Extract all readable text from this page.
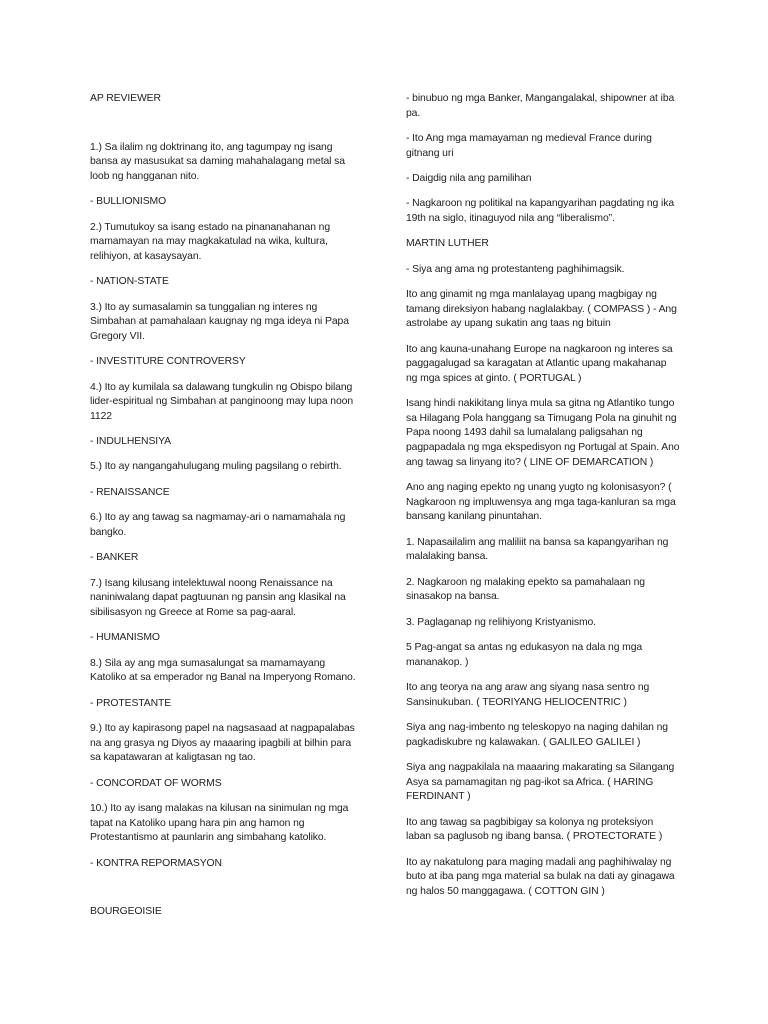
AP REVIEWER

1.) Sa ilalim ng doktrinang ito, ang tagumpay ng isang bansa ay masusukat sa daming mahahalagang metal sa loob ng hangganan nito.

- BULLIONISMO

2.) Tumutukoy sa isang estado na pinananahanan ng mamamayan na may magkakatulad na wika, kultura, relihiyon, at kasaysayan.

- NATION-STATE

3.) Ito ay sumasalamin sa tunggalian ng interes ng Simbahan at pamahalaan kaugnay ng mga ideya ni Papa Gregory VII.

- INVESTITURE CONTROVERSY

4.) Ito ay kumilala sa dalawang tungkulin ng Obispo bilang lider-espiritual ng Simbahan at panginoong may lupa noon 1122

- INDULHENSIYA

5.) Ito ay nangangahulugang muling pagsilang o rebirth.

- RENAISSANCE

6.) Ito ay ang tawag sa nagmamay-ari o namamahala ng bangko.

- BANKER

7.) Isang kilusang intelektuwal noong Renaissance na naniniwalang dapat pagtuunan ng pansin ang klasikal na sibilisasyon ng Greece at Rome sa pag-aaral.

- HUMANISMO

8.) Sila ay ang mga sumasalungat sa mamamayang Katoliko at sa emperador ng Banal na Imperyong Romano.

- PROTESTANTE

9.) Ito ay kapirasong papel na nagsasaad at nagpapalabas na ang grasya ng Diyos ay maaaring ipagbili at bilhin para sa kapatawaran at kaligtasan ng tao.

- CONCORDAT OF WORMS

10.) Ito ay isang malakas na kilusan na sinimulan ng mga tapat na Katoliko upang hara pin ang hamon ng Protestantismo at paunlarin ang simbahang katoliko.

- KONTRA REPORMASYON

BOURGEOISIE

- binubuo ng mga Banker, Mangangalakal, shipowner at iba pa.

- Ito Ang mga mamayaman ng medieval France during gitnang uri

- Daigdig nila ang pamilihan

- Nagkaroon ng politikal na kapangyarihan pagdating ng ika 19th na siglo, itinaguyod nila ang “liberalismo”.

MARTIN LUTHER

- Siya ang ama ng protestanteng paghihimagsik.

Ito ang ginamit ng mga manlalayag upang magbigay ng tamang direksiyon habang naglalakbay. ( COMPASS ) - Ang astrolabe ay upang sukatin ang taas ng bituin

Ito ang kauna-unahang Europe na nagkaroon ng interes sa paggagalugad sa karagatan at Atlantic upang makahanap ng mga spices at ginto. ( PORTUGAL )

Isang hindi nakikitang linya mula sa gitna ng Atlantiko tungo sa Hilagang Pola hanggang sa Timugang Pola na ginuhit ng Papa noong 1493 dahil sa lumalalang paligsahan ng pagpapadala ng mga ekspedisyon ng Portugal at Spain. Ano ang tawag sa linyang ito? ( LINE OF DEMARCATION )

Ano ang naging epekto ng unang yugto ng kolonisasyon? ( Nagkaroon ng impluwensya ang mga taga-kanluran sa mga bansang kanilang pinuntahan.

1. Napasailalim ang maliliit na bansa sa kapangyarihan ng malalaking bansa.

2. Nagkaroon ng malaking epekto sa pamahalaan ng sinasakop na bansa.

3. Paglaganap ng relihiyong Kristyanismo.

5 Pag-angat sa antas ng edukasyon na dala ng mga mananakop. )

Ito ang teorya na ang araw ang siyang nasa sentro ng Sansinukuban. ( TEORIYANG HELIOCENTRIC )

Siya ang nag-imbento ng teleskopyo na naging dahilan ng pagkadiskubre ng kalawakan. ( GALILEO GALILEI )

Siya ang nagpakilala na maaaring makarating sa Silangang Asya sa pamamagitan ng pag-ikot sa Africa. ( HARING FERDINANT )

Ito ang tawag sa pagbibigay sa kolonya ng proteksiyon laban sa paglusob ng ibang bansa. ( PROTECTORATE )

Ito ay nakatulong para maging madali ang paghihiwalay ng buto at iba pang mga material sa bulak na dati ay ginagawa ng halos 50 manggagawa. ( COTTON GIN )
